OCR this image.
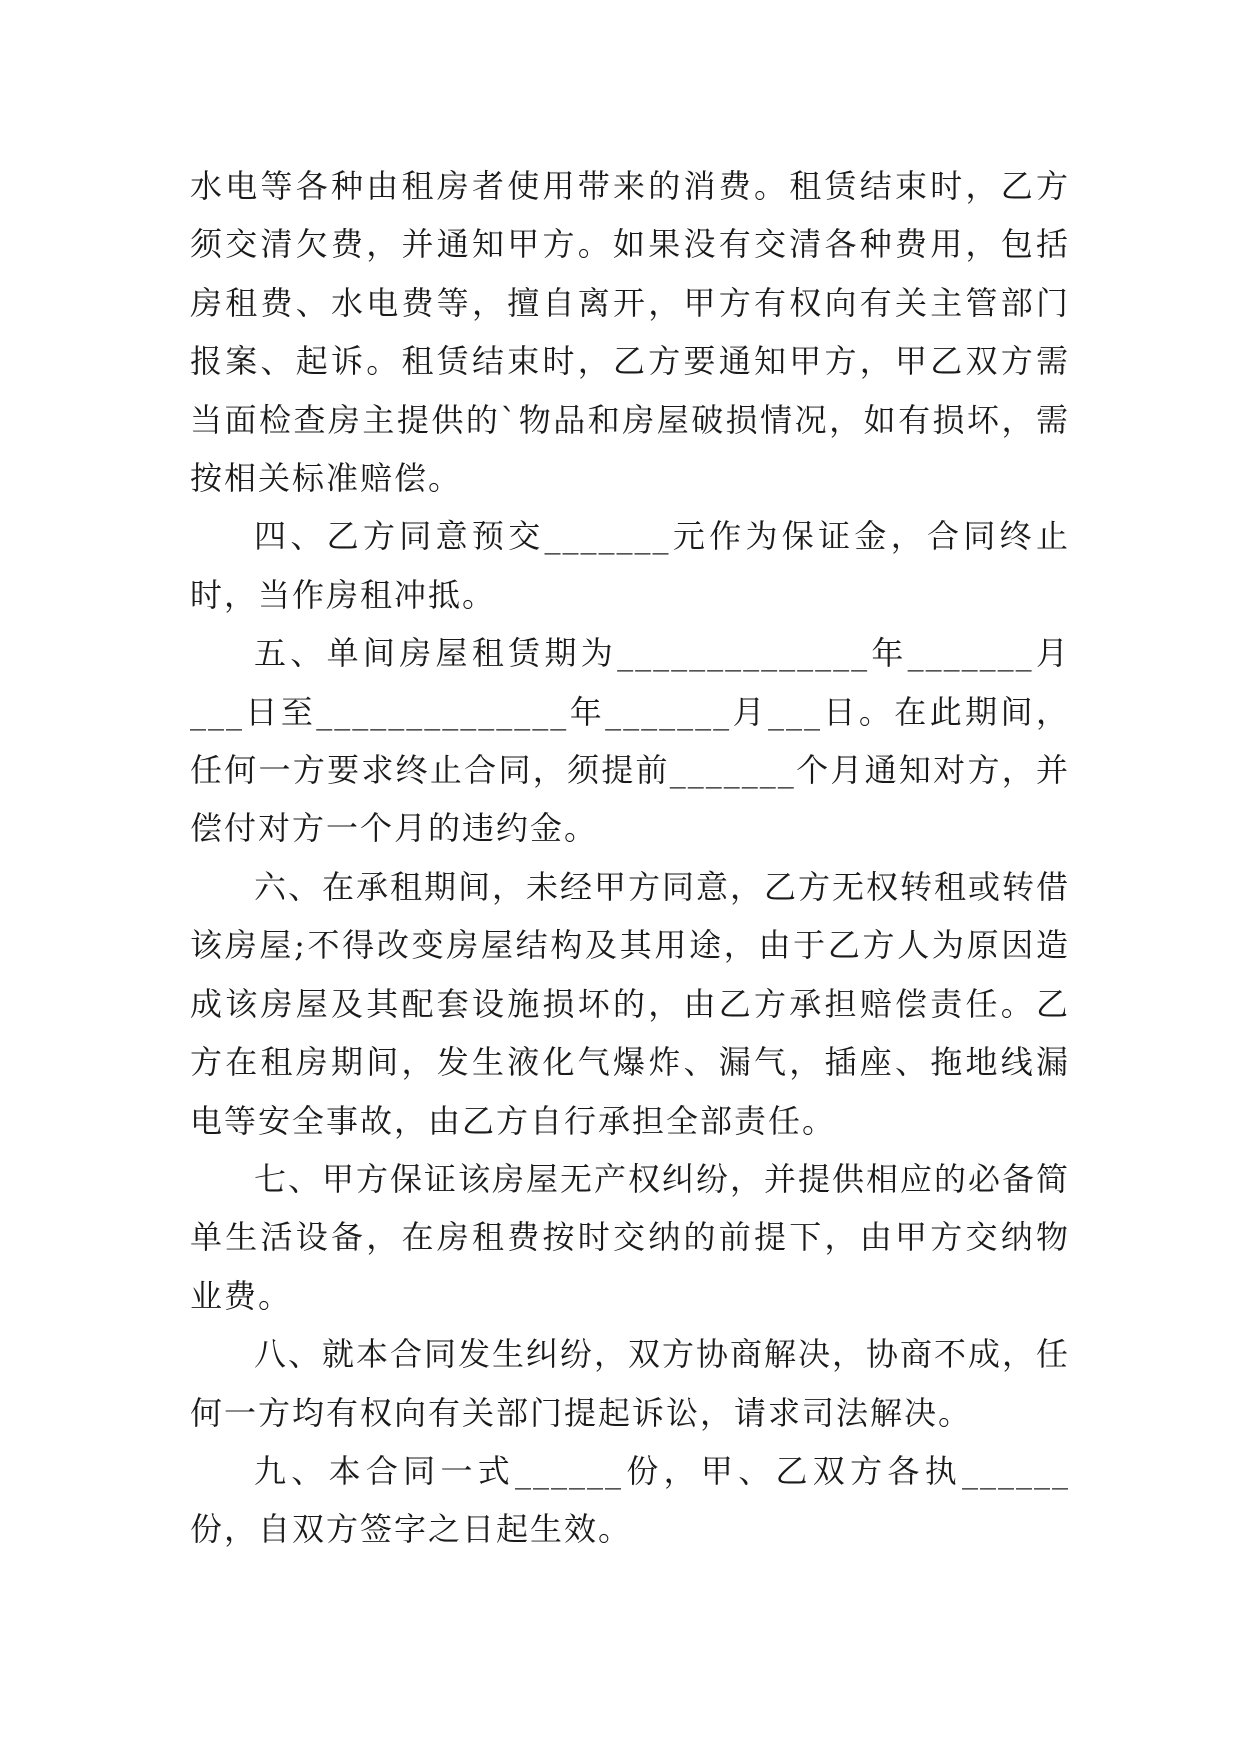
水电等各种由租房者使用带来的消费。租赁结束时，乙方须交清欠费，并通知甲方。如果没有交清各种费用，包括房租费、水电费等，擅自离开，甲方有权向有关主管部门报案、起诉。租赁结束时，乙方要通知甲方，甲乙双方需当面检查房主提供的`物品和房屋破损情况，如有损坏，需按相关标准赔偿。

四、乙方同意预交_______元作为保证金，合同终止时，当作房租冲抵。

五、单间房屋租赁期为______________年_______月___日至______________年_______月___日。在此期间，任何一方要求终止合同，须提前_______个月通知对方，并偿付对方一个月的违约金。

六、在承租期间，未经甲方同意，乙方无权转租或转借该房屋;不得改变房屋结构及其用途，由于乙方人为原因造成该房屋及其配套设施损坏的，由乙方承担赔偿责任。乙方在租房期间，发生液化气爆炸、漏气，插座、拖地线漏电等安全事故，由乙方自行承担全部责任。

七、甲方保证该房屋无产权纠纷，并提供相应的必备简单生活设备，在房租费按时交纳的前提下，由甲方交纳物业费。

八、就本合同发生纠纷，双方协商解决，协商不成，任何一方均有权向有关部门提起诉讼，请求司法解决。

九、本合同一式______份，甲、乙双方各执______份，自双方签字之日起生效。
